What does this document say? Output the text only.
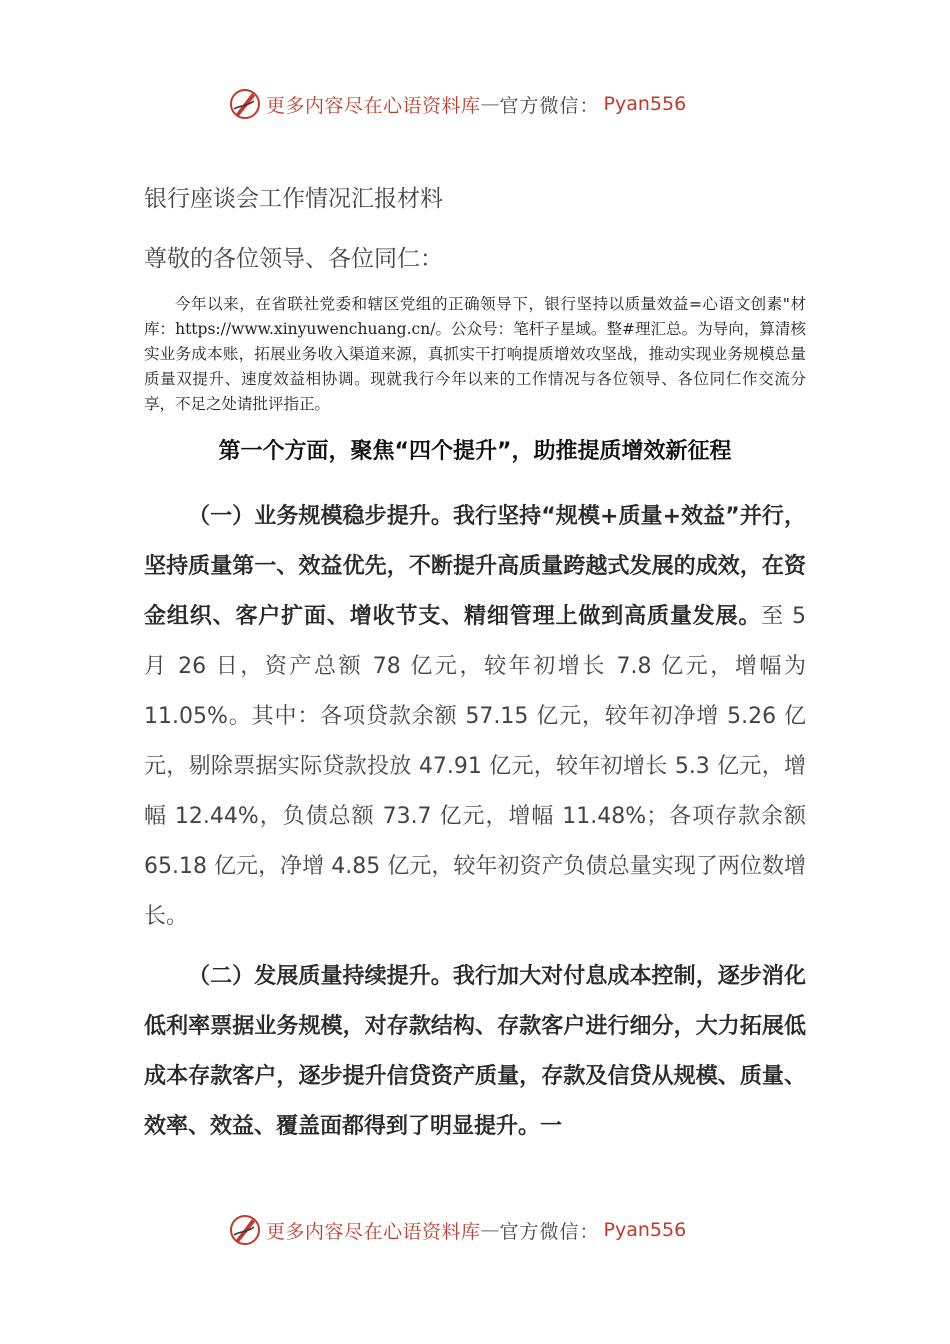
更多内容尽在心语资料库 — 官方微信： Pyan556
银行座谈会工作情况汇报材料
尊敬的各位领导、各位同仁：

今年以来，在省联社党委和辖区党组的正确领导下，银行坚持以质量效益=心语文创素"材库：https://www.xinyuwenchuang.cn/。公众号：笔杆子星域。整#理汇总。为导向，算清核实业务成本账，拓展业务收入渠道来源，真抓实干打响提质增效攻坚战，推动实现业务规模总量质量双提升、速度效益相协调。现就我行今年以来的工作情况与各位领导、各位同仁作交流分享，不足之处请批评指正。

第一个方面，聚焦“四个提升”，助推提质增效新征程

（一）业务规模稳步提升。我行坚持“规模+质量+效益”并行，坚持质量第一、效益优先，不断提升高质量跨越式发展的成效，在资金组织、客户扩面、增收节支、精细管理上做到高质量发展。至 5 月 26 日，资产总额 78 亿元，较年初增长 7.8 亿元，增幅为 11.05%。其中：各项贷款余额 57.15 亿元，较年初净增 5.26 亿元，剔除票据实际贷款投放 47.91 亿元，较年初增长 5.3 亿元，增幅 12.44%，负债总额 73.7 亿元，增幅 11.48%；各项存款余额 65.18 亿元，净增 4.85 亿元，较年初资产负债总量实现了两位数增长。

（二）发展质量持续提升。我行加大对付息成本控制，逐步消化低利率票据业务规模，对存款结构、存款客户进行细分，大力拓展低成本存款客户，逐步提升信贷资产质量，存款及信贷从规模、质量、效率、效益、覆盖面都得到了明显提升。一

更多内容尽在心语资料库 — 官方微信： Pyan556
